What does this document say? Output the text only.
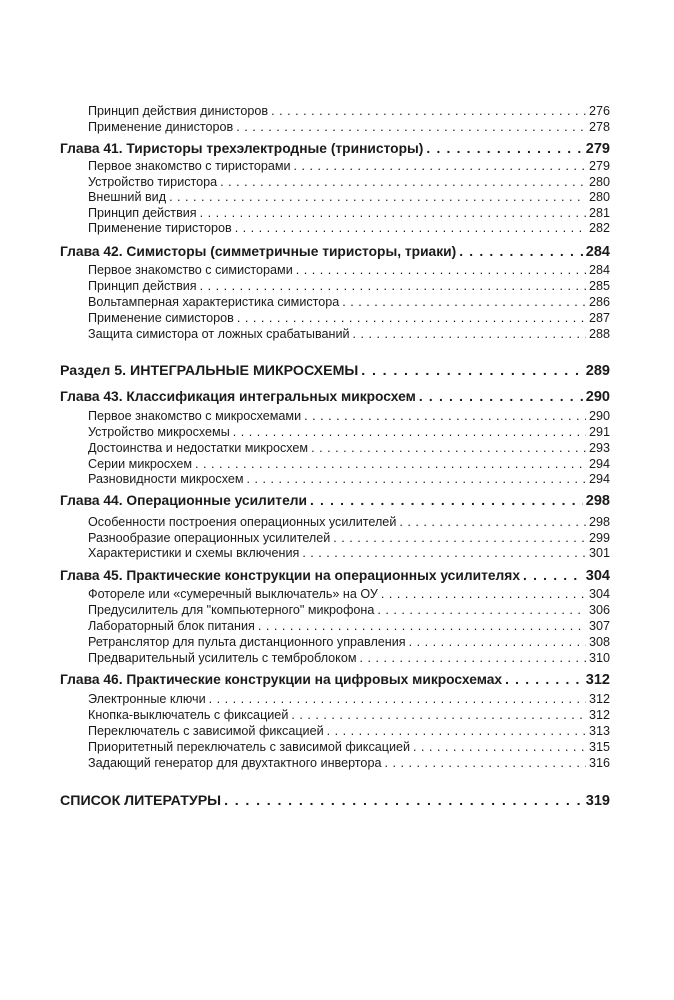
Принцип действия динисторов . . .	276
Применение динисторов . . .	278
Глава 41. Тиристоры трехэлектродные (тринисторы) . . .	279
Первое знакомство с тиристорами . . .	279
Устройство тиристора . . .	280
Внешний вид . . .	280
Принцип действия . . .	281
Применение тиристоров . . .	282
Глава 42. Симисторы (симметричные тиристоры, триаки) . . .	284
Первое знакомство с симисторами . . .	284
Принцип действия . . .	285
Вольтамперная характеристика симистора . . .	286
Применение симисторов . . .	287
Защита симистора от ложных срабатываний . . .	288
Раздел 5. ИНТЕГРАЛЬНЫЕ МИКРОСХЕМЫ . . .	289
Глава 43. Классификация интегральных микросхем . . .	290
Первое знакомство с микросхемами . . .	290
Устройство микросхемы . . .	291
Достоинства и недостатки микросхем . . .	293
Серии микросхем . . .	294
Разновидности микросхем . . .	294
Глава 44. Операционные усилители . . .	298
Особенности построения операционных усилителей . . .	298
Разнообразие операционных усилителей . . .	299
Характеристики и схемы включения . . .	301
Глава 45. Практические конструкции на операционных усилителях . . .	304
Фотореле или «сумеречный выключатель» на ОУ . . .	304
Предусилитель для "компьютерного" микрофона . . .	306
Лабораторный блок питания . . .	307
Ретранслятор для пульта дистанционного управления . . .	308
Предварительный усилитель с темброблоком . . .	310
Глава 46. Практические конструкции на цифровых микросхемах . . .	312
Электронные ключи . . .	312
Кнопка-выключатель с фиксацией . . .	312
Переключатель с зависимой фиксацией . . .	313
Приоритетный переключатель с зависимой фиксацией . . .	315
Задающий генератор для двухтактного инвертора . . .	316
СПИСОК ЛИТЕРАТУРЫ . . .	319
